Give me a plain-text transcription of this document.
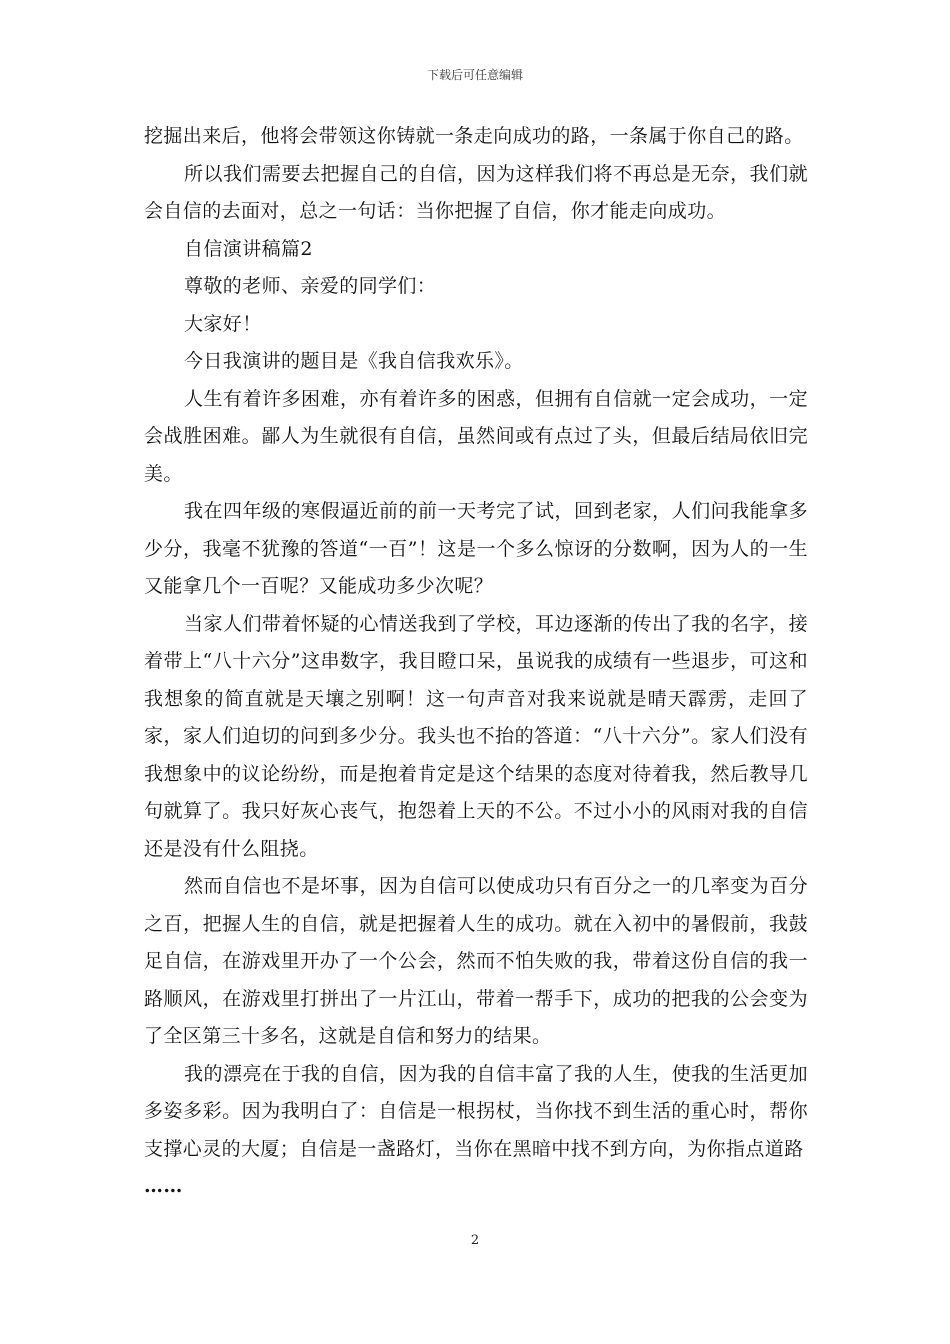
下载后可任意编辑

挖掘出来后，他将会带领这你铸就一条走向成功的路，一条属于你自己的路。

所以我们需要去把握自己的自信，因为这样我们将不再总是无奈，我们就会自信的去面对，总之一句话：当你把握了自信，你才能走向成功。

自信演讲稿篇2

尊敬的老师、亲爱的同学们：

大家好！

今日我演讲的题目是《我自信我欢乐》。

人生有着许多困难，亦有着许多的困惑，但拥有自信就一定会成功，一定会战胜困难。鄙人为生就很有自信，虽然间或有点过了头，但最后结局依旧完美。

我在四年级的寒假逼近前的前一天考完了试，回到老家，人们问我能拿多少分，我毫不犹豫的答道“一百”！这是一个多么惊讶的分数啊，因为人的一生又能拿几个一百呢？又能成功多少次呢？

当家人们带着怀疑的心情送我到了学校，耳边逐渐的传出了我的名字，接着带上“八十六分”这串数字，我目瞪口呆，虽说我的成绩有一些退步，可这和我想象的简直就是天壤之别啊！这一句声音对我来说就是晴天霹雳，走回了家，家人们迫切的问到多少分。我头也不抬的答道：“八十六分”。家人们没有我想象中的议论纷纷，而是抱着肯定是这个结果的态度对待着我，然后教导几句就算了。我只好灰心丧气，抱怨着上天的不公。不过小小的风雨对我的自信还是没有什么阻挠。

然而自信也不是坏事，因为自信可以使成功只有百分之一的几率变为百分之百，把握人生的自信，就是把握着人生的成功。就在入初中的暑假前，我鼓足自信，在游戏里开办了一个公会，然而不怕失败的我，带着这份自信的我一路顺风，在游戏里打拼出了一片江山，带着一帮手下，成功的把我的公会变为了全区第三十多名，这就是自信和努力的结果。

我的漂亮在于我的自信，因为我的自信丰富了我的人生，使我的生活更加多姿多彩。因为我明白了：自信是一根拐杖，当你找不到生活的重心时，帮你支撑心灵的大厦；自信是一盏路灯，当你在黑暗中找不到方向，为你指点道路

……

2
